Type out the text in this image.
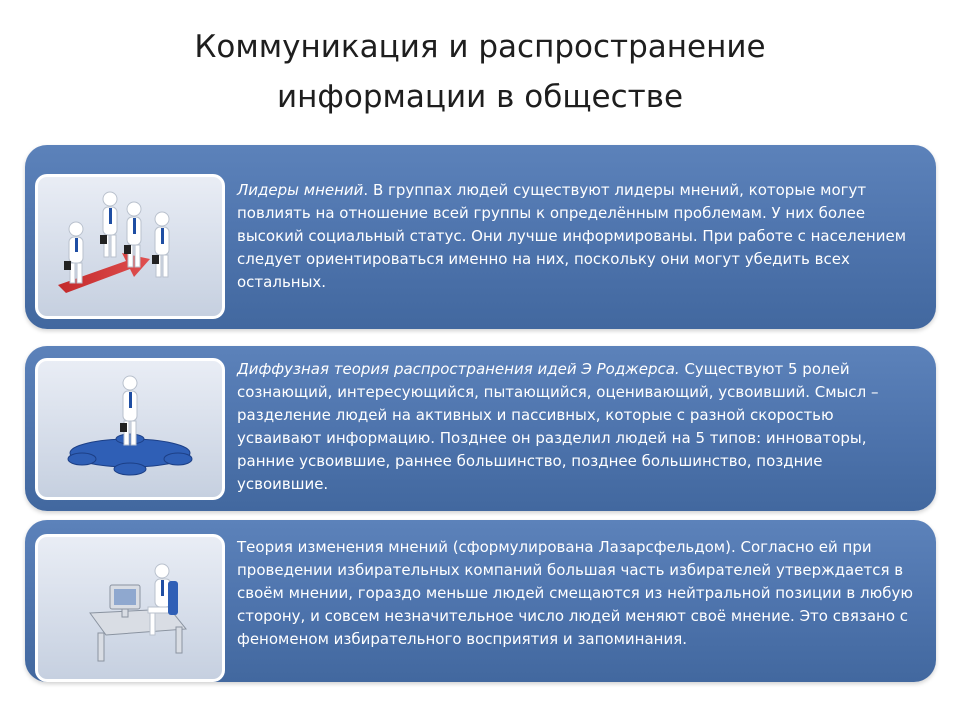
Коммуникация и распространение
информации в обществе
Лидеры мнений. В группах людей существуют лидеры мнений, которые могут повлиять на отношение всей группы к определённым проблемам. У них более высокий социальный статус. Они лучше информированы. При работе с населением следует ориентироваться именно на них, поскольку они могут убедить всех остальных.
Диффузная теория распространения идей Э Роджерса. Существуют 5 ролей сознающий, интересующийся, пытающийся, оценивающий, усвоивший. Смысл – разделение людей на активных и пассивных, которые с разной скоростью усваивают информацию. Позднее он разделил людей на 5 типов: инноваторы, ранние усвоившие, раннее большинство, позднее большинство, поздние усвоившие.
Теория изменения мнений (сформулирована Лазарсфельдом). Согласно ей при проведении избирательных компаний большая часть избирателей утверждается в своём мнении, гораздо меньше людей смещаются из нейтральной позиции в любую сторону, и совсем незначительное число людей меняют своё мнение. Это связано с феноменом избирательного восприятия и запоминания.
